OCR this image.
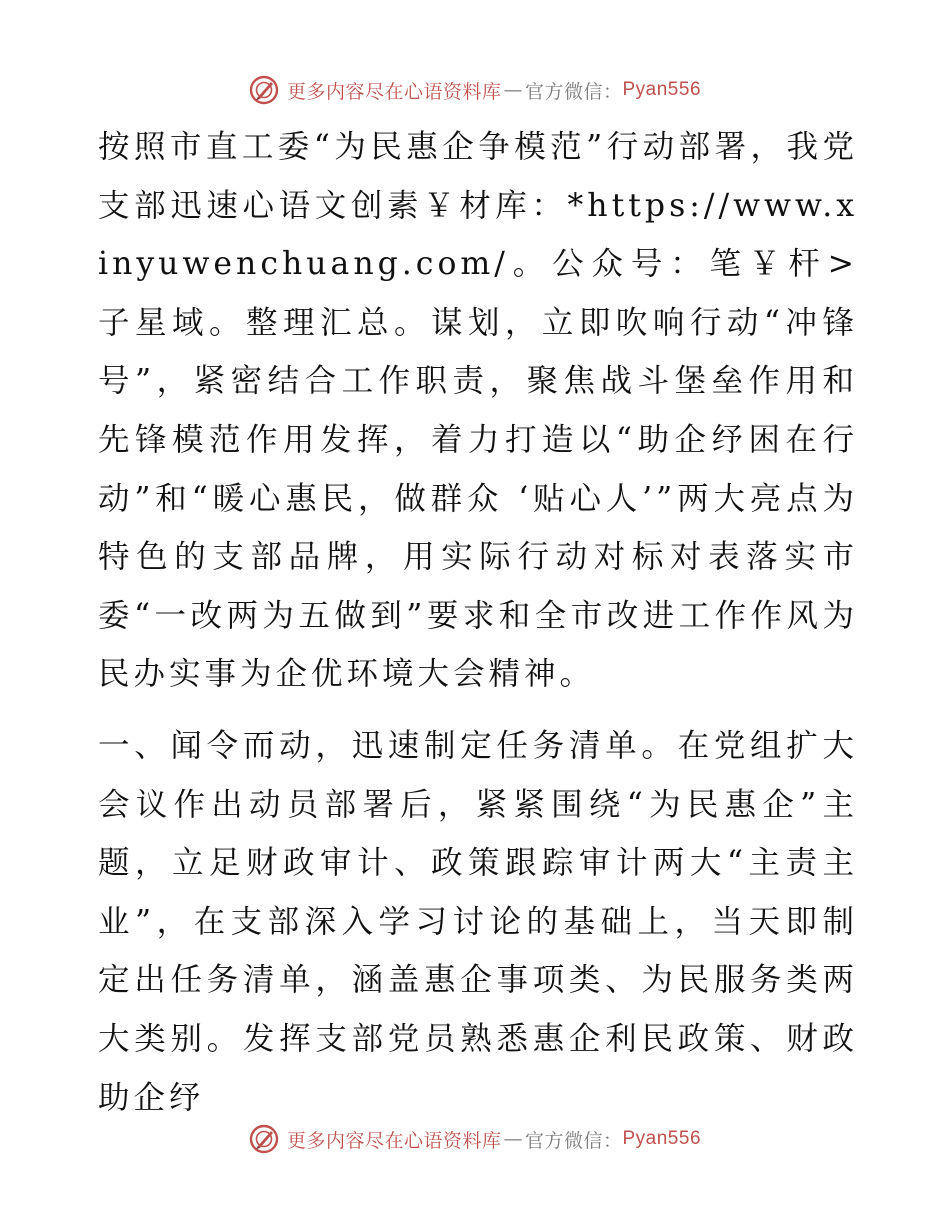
更多内容尽在心语资料库 — 官方微信： Pyan556

按照市直工委“为民惠企争模范”行动部署，我党支部迅速心语文创素￥材库：*https://www.xinyuwenchuang.com/。公众号：笔￥杆>子星域。整理汇总。谋划，立即吹响行动“冲锋号”，紧密结合工作职责，聚焦战斗堡垒作用和先锋模范作用发挥，着力打造以“助企纾困在行动”和“暖心惠民，做群众 ‘贴心人’”两大亮点为特色的支部品牌，用实际行动对标对表落实市委“一改两为五做到”要求和全市改进工作作风为民办实事为企优环境大会精神。

一、闻令而动，迅速制定任务清单。在党组扩大会议作出动员部署后，紧紧围绕“为民惠企”主题，立足财政审计、政策跟踪审计两大“主责主业”，在支部深入学习讨论的基础上，当天即制定出任务清单，涵盖惠企事项类、为民服务类两大类别。发挥支部党员熟悉惠企利民政策、财政助企纾

更多内容尽在心语资料库 — 官方微信： Pyan556
